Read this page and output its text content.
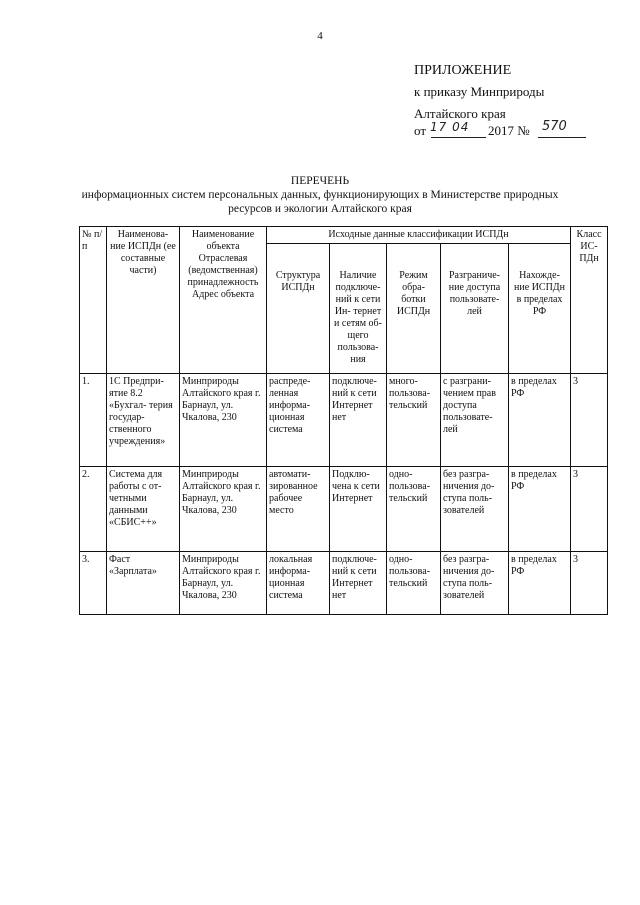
4
ПРИЛОЖЕНИЕ
к приказу Минприроды
Алтайского края
от 17 04 2017 № 570
ПЕРЕЧЕНЬ
информационных систем персональных данных, функционирующих в Министерстве природных ресурсов и экологии Алтайского края
№ п/п	Наименова- ние ИСПДн (ее составные части)	Наименование объекта Отраслевая (ведомственная) принадлежность Адрес объекта	Исходные данные классификации ИСПДн					Класс ИС- ПДн
			Структура ИСПДн	Наличие подключе- ний к сети Ин- тернет и сетям об- щего пользова- ния	Режим обра- ботки ИСПДн	Разграниче- ние доступа пользовате- лей	Нахожде- ние ИСПДн в пределах РФ	
1.	1С Предпри- ятие 8.2 «Бухгал- терия государ- ственного учреждения»	Минприроды Алтайского края г. Барнаул, ул. Чкалова, 230	распреде- ленная информа- ционная система	подключе- ний к сети Интернет нет	много- пользова- тельский	с разграни- чением прав доступа пользовате- лей	в пределах РФ	3
2.	Система для работы с от- четными данными «СБИС++»	Минприроды Алтайского края г. Барнаул, ул. Чкалова, 230	автомати- зированное рабочее место	Подклю- чена к сети Интернет	одно- пользова- тельский	без разгра- ничения до- ступа поль- зователей	в пределах РФ	3
3.	Фаст «Зарплата»	Минприроды Алтайского края г. Барнаул, ул. Чкалова, 230	локальная информа- ционная система	подключе- ний к сети Интернет нет	одно- пользова- тельский	без разгра- ничения до- ступа поль- зователей	в пределах РФ	3
